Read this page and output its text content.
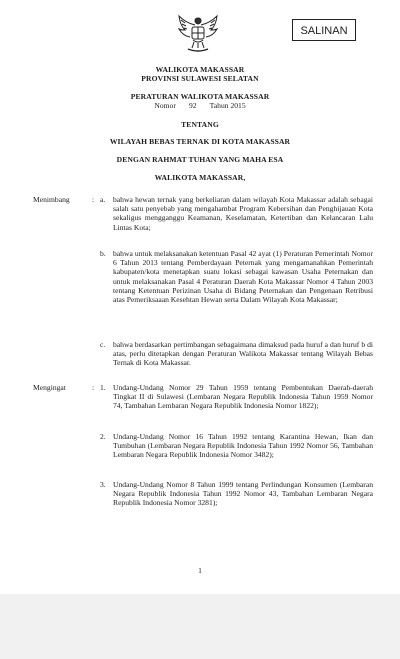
SALINAN
WALIKOTA MAKASSAR
PROVINSI SULAWESI SELATAN
PERATURAN WALIKOTA MAKASSAR
Nomor 92 Tahun 2015
TENTANG
WILAYAH BEBAS TERNAK DI KOTA MAKASSAR
DENGAN RAHMAT TUHAN YANG MAHA ESA
WALIKOTA MAKASSAR,
Menimbang	: a. bahwa hewan ternak yang berkeliaran dalam wilayah Kota Makassar adalah sebagai salah satu penyebab yang mengahambat Program Kebersihan dan Penghijauan Kota sekaligus mengganggu Keamanan, Keselamatan, Ketertiban dan Kelancaran Lalu Lintas Kota;
b. bahwa untuk melaksanakan ketentuan Pasal 42 ayat (1) Peraturan Pemerintah Nomor 6 Tahun 2013 tentang Pemberdayaan Peternak yang mengamanahkan Pemerintah kabupaten/kota menetapkan suatu lokasi sebagai kawasan Usaha Peternakan dan untuk melaksanakan Pasal 4 Peraturan Daerah Kota Makassar Nomor 4 Tahun 2003 tentang Ketentuan Perizinan Usaha di Bidang Peternakan dan Pengenaan Retribusi atas Pemeriksaaan Kesehtan Hewan serta Dalam Wilayah Kota Makassar;
c. bahwa berdasarkan pertimbangan sebagaimana dimaksud pada huruf a dan huruf b di atas, perlu ditetapkan dengan Peraturan Walikota Makassar tentang Wilayah Bebas Ternak di Kota Makassar.
Mengingat	: 1. Undang-Undang Nomor 29 Tahun 1959 tentang Pembentukan Daerah-daerah Tingkat II di Sulawesi (Lembaran Negara Republik Indonesia Tahun 1959 Nomor 74, Tambahan Lembaran Negara Republik Indonesia Nomor 1822);
2. Undang-Undang Nomor 16 Tahun 1992 tentang Karantina Hewan, Ikan dan Tumbuhan (Lembaran Negara Republik Indonesia Tahun 1992 Nomor 56, Tambahan Lembaran Negara Republik Indonesia Nomor 3482);
3. Undang-Undang Nomor 8 Tahun 1999 tentang Perlindungan Konsumen (Lembaran Negara Republik Indonesia Tahun 1992 Nomor 43, Tambahan Lembaran Negara Republik Indonesia Nomor 3281);
1
